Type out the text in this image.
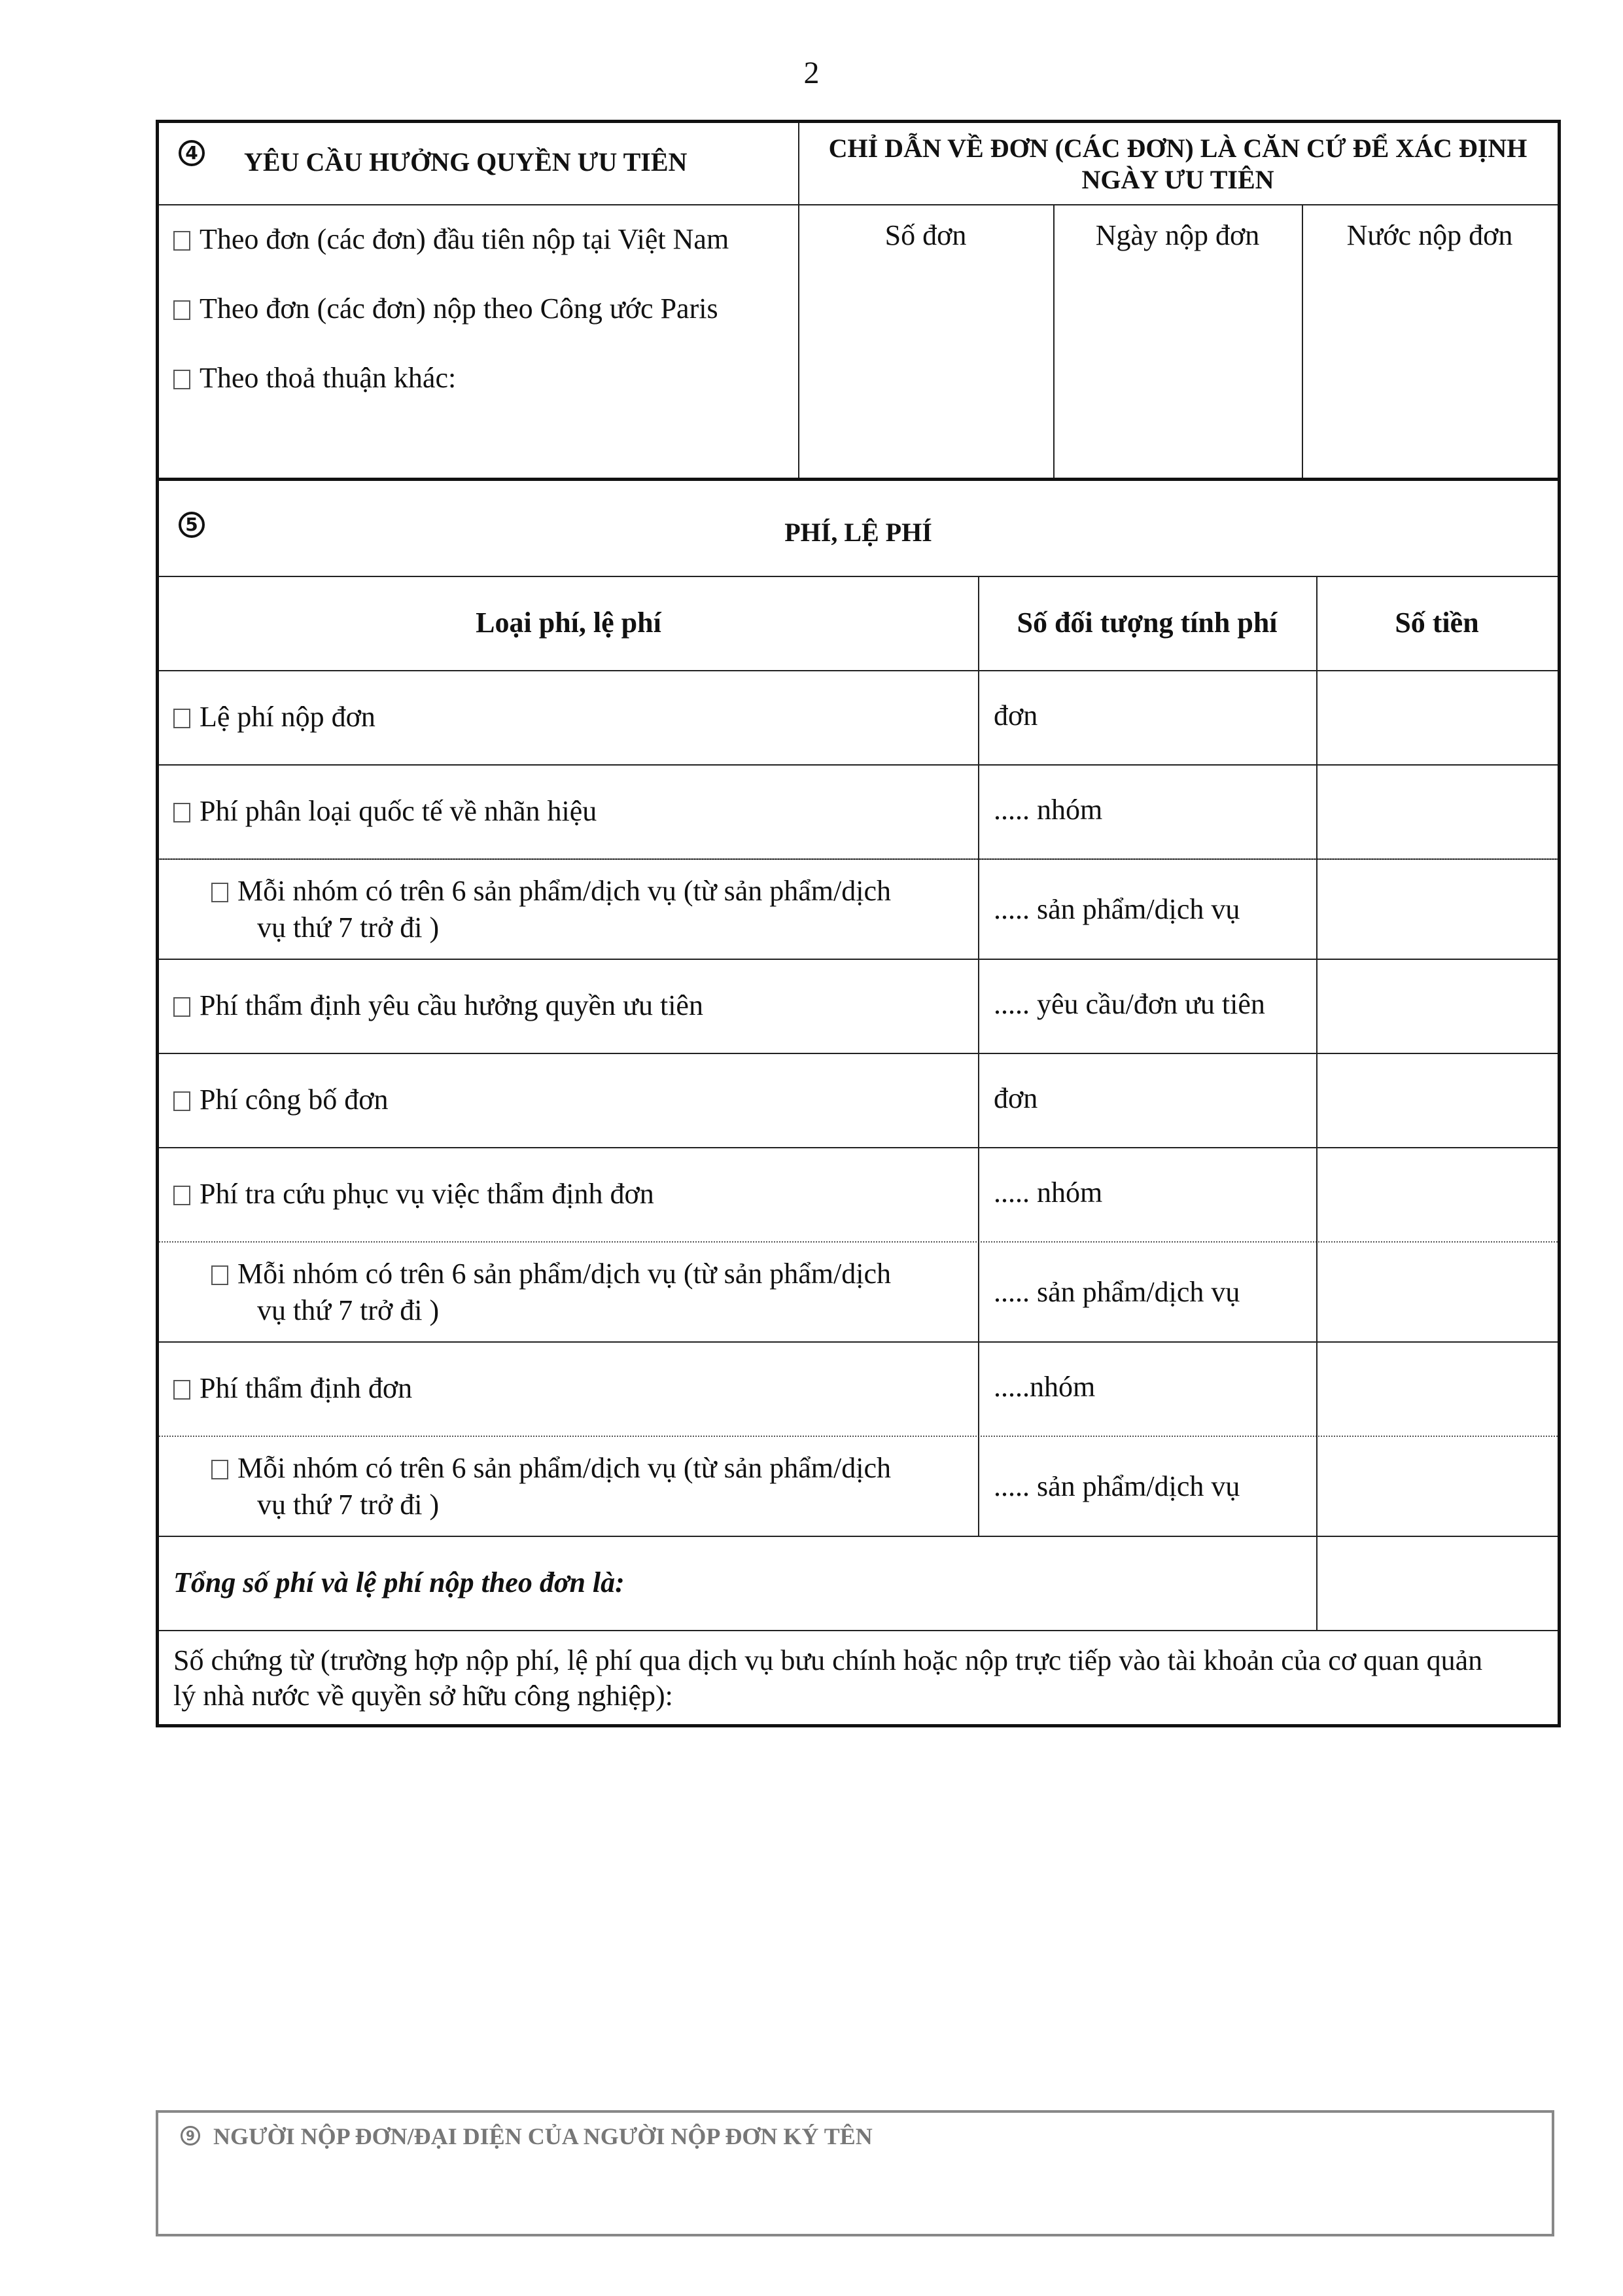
2
4 YÊU CẦU HƯỞNG QUYỀN ƯU TIÊN	CHỈ DẪN VỀ ĐƠN (CÁC ĐƠN) LÀ CĂN CỨ ĐỂ XÁC ĐỊNH
NGÀY ƯU TIÊN
Theo đơn (các đơn) đầu tiên nộp tại Việt Nam
Theo đơn (các đơn) nộp theo Công ước Paris
Theo thoả thuận khác:
Số đơn	Ngày nộp đơn	Nước nộp đơn
5	PHÍ, LỆ PHÍ
Loại phí, lệ phí	Số đối tượng tính phí	Số tiền
Lệ phí nộp đơn	đơn
Phí phân loại quốc tế về nhãn hiệu	..... nhóm
Mỗi nhóm có trên 6 sản phẩm/dịch vụ (từ sản phẩm/dịch
vụ thứ 7 trở đi )
..... sản phẩm/dịch vụ
Phí thẩm định yêu cầu hưởng quyền ưu tiên	..... yêu cầu/đơn ưu tiên
Phí công bố đơn	đơn
Phí tra cứu phục vụ việc thẩm định đơn	..... nhóm
Mỗi nhóm có trên 6 sản phẩm/dịch vụ (từ sản phẩm/dịch
vụ thứ 7 trở đi )
..... sản phẩm/dịch vụ
Phí thẩm định đơn	.....nhóm
Mỗi nhóm có trên 6 sản phẩm/dịch vụ (từ sản phẩm/dịch
vụ thứ 7 trở đi )
..... sản phẩm/dịch vụ
Tổng số phí và lệ phí nộp theo đơn là:
Số chứng từ (trường hợp nộp phí, lệ phí qua dịch vụ bưu chính hoặc nộp trực tiếp vào tài khoản của cơ quan quản
lý nhà nước về quyền sở hữu công nghiệp):
9 NGƯỜI NỘP ĐƠN/ĐẠI DIỆN CỦA NGƯỜI NỘP ĐƠN KÝ TÊN
